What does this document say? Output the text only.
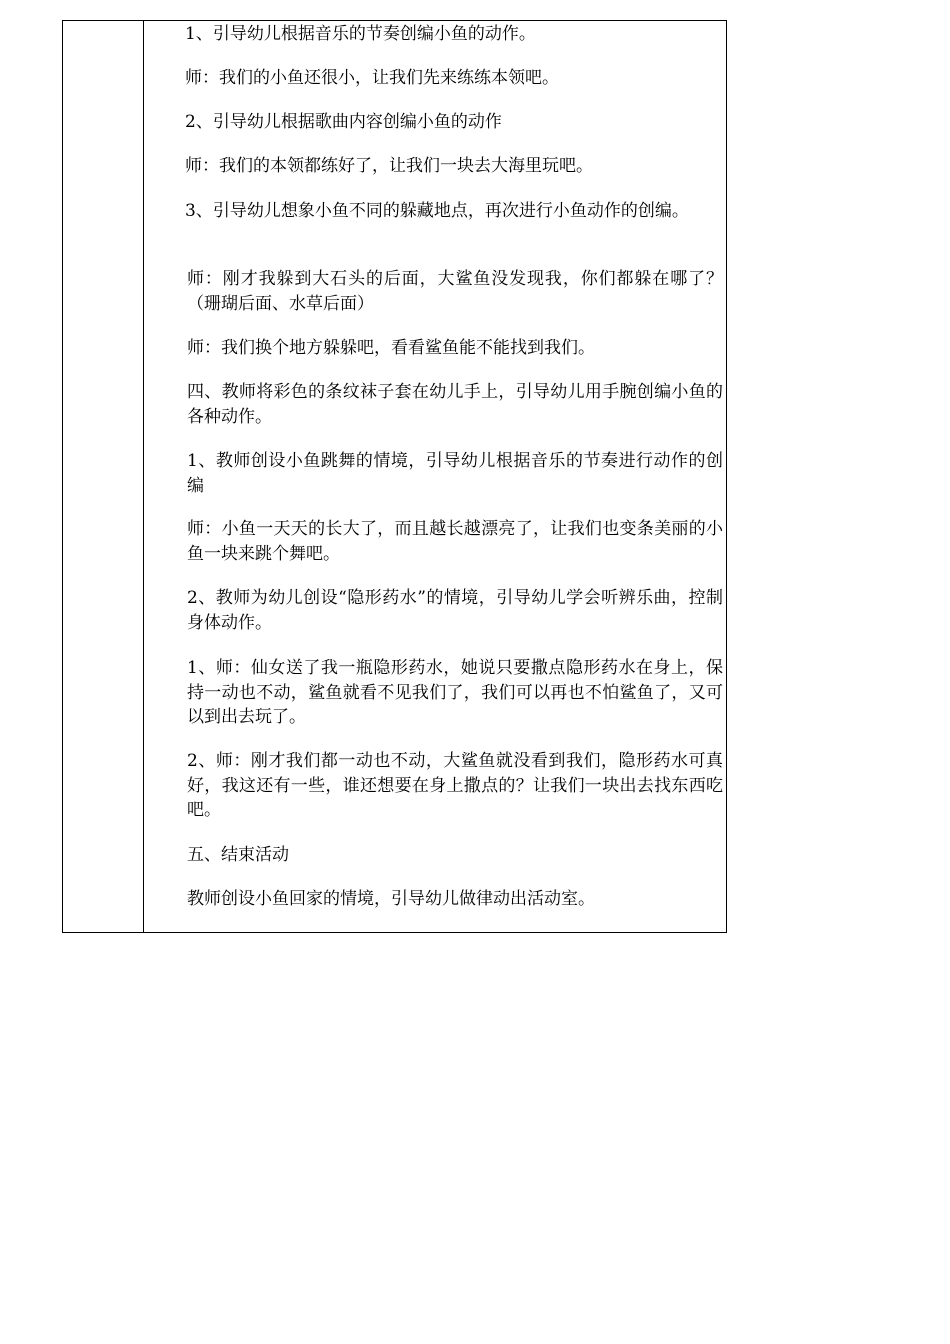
1、引导幼儿根据音乐的节奏创编小鱼的动作。

师：我们的小鱼还很小，让我们先来练练本领吧。

2、引导幼儿根据歌曲内容创编小鱼的动作

师：我们的本领都练好了，让我们一块去大海里玩吧。

3、引导幼儿想象小鱼不同的躲藏地点，再次进行小鱼动作的创编。

师：刚才我躲到大石头的后面，大鲨鱼没发现我，你们都躲在哪了？（珊瑚后面、水草后面）

师：我们换个地方躲躲吧，看看鲨鱼能不能找到我们。

四、教师将彩色的条纹袜子套在幼儿手上，引导幼儿用手腕创编小鱼的各种动作。

1、教师创设小鱼跳舞的情境，引导幼儿根据音乐的节奏进行动作的创编

师：小鱼一天天的长大了，而且越长越漂亮了，让我们也变条美丽的小鱼一块来跳个舞吧。

2、教师为幼儿创设“隐形药水”的情境，引导幼儿学会听辨乐曲，控制身体动作。

1、师：仙女送了我一瓶隐形药水，她说只要撒点隐形药水在身上，保持一动也不动，鲨鱼就看不见我们了，我们可以再也不怕鲨鱼了，又可以到出去玩了。

2、师：刚才我们都一动也不动，大鲨鱼就没看到我们，隐形药水可真好，我这还有一些，谁还想要在身上撒点的？让我们一块出去找东西吃吧。

五、结束活动

教师创设小鱼回家的情境，引导幼儿做律动出活动室。
